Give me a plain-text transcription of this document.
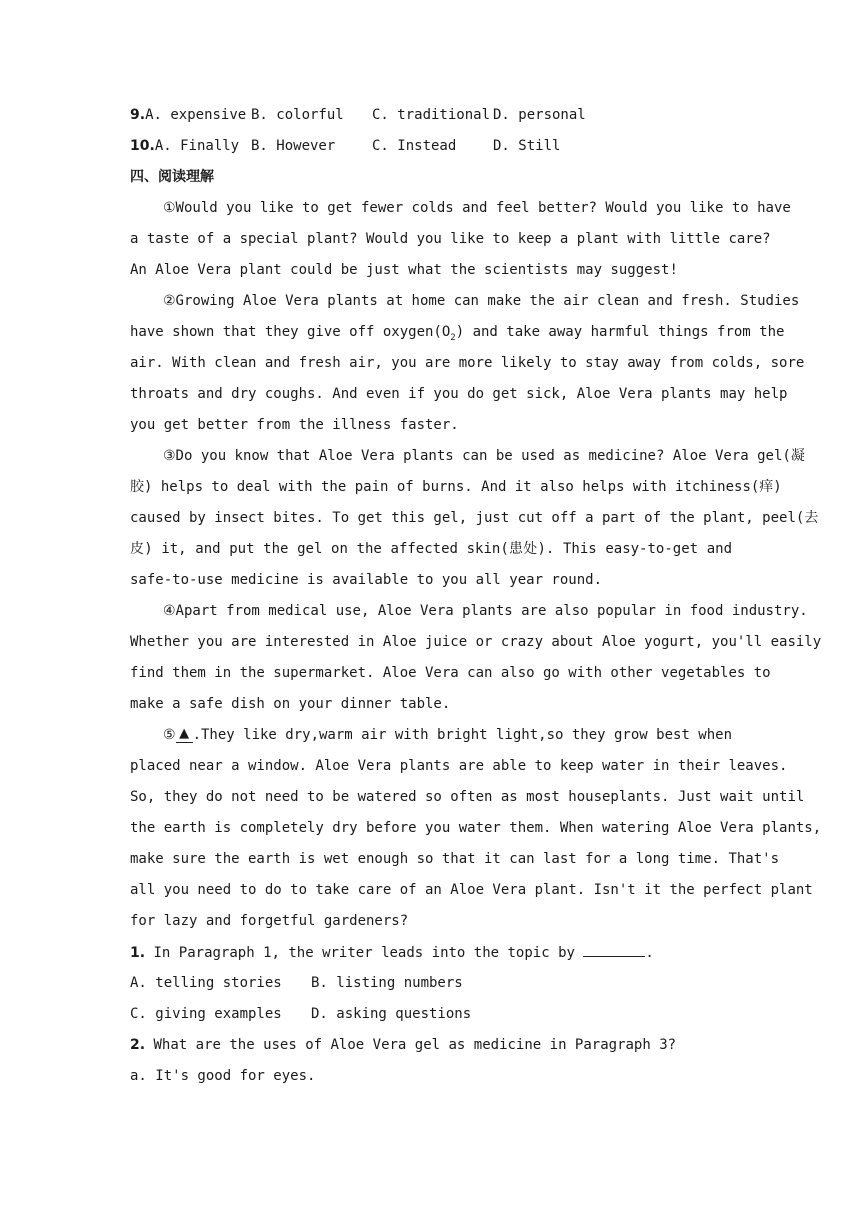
9.A. expensive B. colorful	C. traditional D. personal
10.A. Finally B. However	C. Instead	D. Still
四、阅读理解
①Would you like to get fewer colds and feel better? Would you like to have
a taste of a special plant? Would you like to keep a plant with little care?
An Aloe Vera plant could be just what the scientists may suggest!
②Growing Aloe Vera plants at home can make the air clean and fresh. Studies
have shown that they give off $oxygen(O_2)$ and take away harmful things from the
air. With clean and fresh air, you are more likely to stay away from colds, sore
throats and dry coughs. And even if you do get sick, Aloe Vera plants may help
you get better from the illness faster.
③Do you know that Aloe Vera plants can be used as medicine? Aloe Vera gel(凝
胶) helps to deal with the pain of burns. And it also helps with itchiness(痒)
caused by insect bites. To get this gel, just cut off a part of the plant, peel(去
皮) it, and put the gel on the affected skin(患处). This easy-to-get and
safe-to-use medicine is available to you all year round.
④Apart from medical use, Aloe Vera plants are also popular in food industry.
Whether you are interested in Aloe juice or crazy about Aloe yogurt, you'll easily
find them in the supermarket. Aloe Vera can also go with other vegetables to
make a safe dish on your dinner table.
⑤ ▲ .They like dry,warm air with bright light,so they grow best when
placed near a window. Aloe Vera plants are able to keep water in their leaves.
So, they do not need to be watered so often as most houseplants. Just wait until
the earth is completely dry before you water them. When watering Aloe Vera plants,
make sure the earth is wet enough so that it can last for a long time. That's
all you need to do to take care of an Aloe Vera plant. Isn't it the perfect plant
for lazy and forgetful gardeners?
1. In Paragraph 1, the writer leads into the topic by	.
A. telling stories	B. listing numbers
C. giving examples	D. asking questions
2. What are the uses of Aloe Vera gel as medicine in Paragraph 3?
a. It's good for eyes.
